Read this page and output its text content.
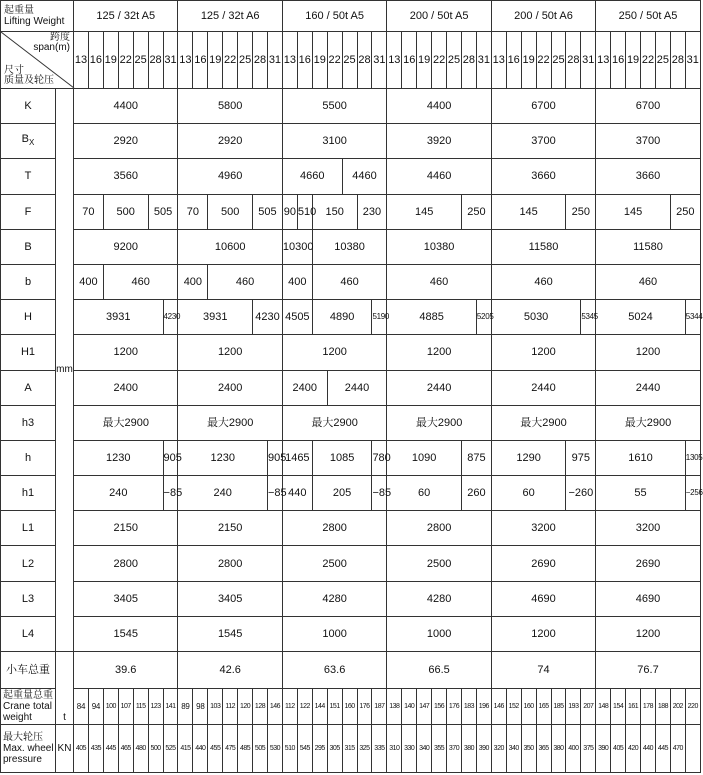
起重量
Lifting Weight		125 / 32t A5							125 / 32t A6							160 / 50t A5							200 / 50t A5							200 / 50t A6							250 / 50t A5						

跨度
span(m)
尺寸
质量及轮压		13	16	19	22	25	28	31	13	16	19	22	25	28	31	13	16	19	22	25	28	31	13	16	19	22	25	28	31	13	16	19	22	25	28	31	13	16	19	22	25	28	31
K	mm	4400							5800							5500							4400							6700							6700						
$B_X$		2920							2920							3100							3920							3700							3700						
T		3560							4960							4660				4460			4460							3660							3660						
F		70		500			505		70		500			505		90	510	150			230		145					250		145					250		145					250	
B		9200							10600							10300		10380					10380							11580							11580						
b		400		460					400		460					400		460					460							460							460						
H		3931						4230	3931					4230		4505		4890				5190	4885						5205	5030						5345	5024						5344
H1		1200							1200							1200							1200							1200							1200						
A		2400							2400							2400			2440				2440							2440							2440						
h3		最大2900							最大2900							最大2900							最大2900							最大2900							最大2900						
h		1230						905	1230						905	1465		1085				780	1090					875		1290					975		1610						1305
h1		240						−85	240						−85	440		205				−85	60					260		60					−260		55						−256
L1		2150							2150							2800							2800							3200							3200						
L2		2800							2800							2500							2500							2690							2690						
L3		3405							3405							4280							4280							4690							4690						
L4		1545							1545							1000							1000							1200							1200						
小车总重	t	39.6							42.6							63.6							66.5							74							76.7						

起重量总重
Crane total weight		84	94	100	107	115	123	141	89	98	103	112	120	128	146	112	122	144	151	160	176	187	138	140	147	156	176	183	196	146	152	160	165	185	193	207	148	154	161	178	188	202	220

最大轮压
Max. wheel pressure	KN	405	435	445	465	480	500	525	415	440	455	475	485	505	530	510	545	295	305	315	325	335	310	330	340	355	370	380	390	320	340	350	365	380	400	375	390	405	420	440	445	470	
